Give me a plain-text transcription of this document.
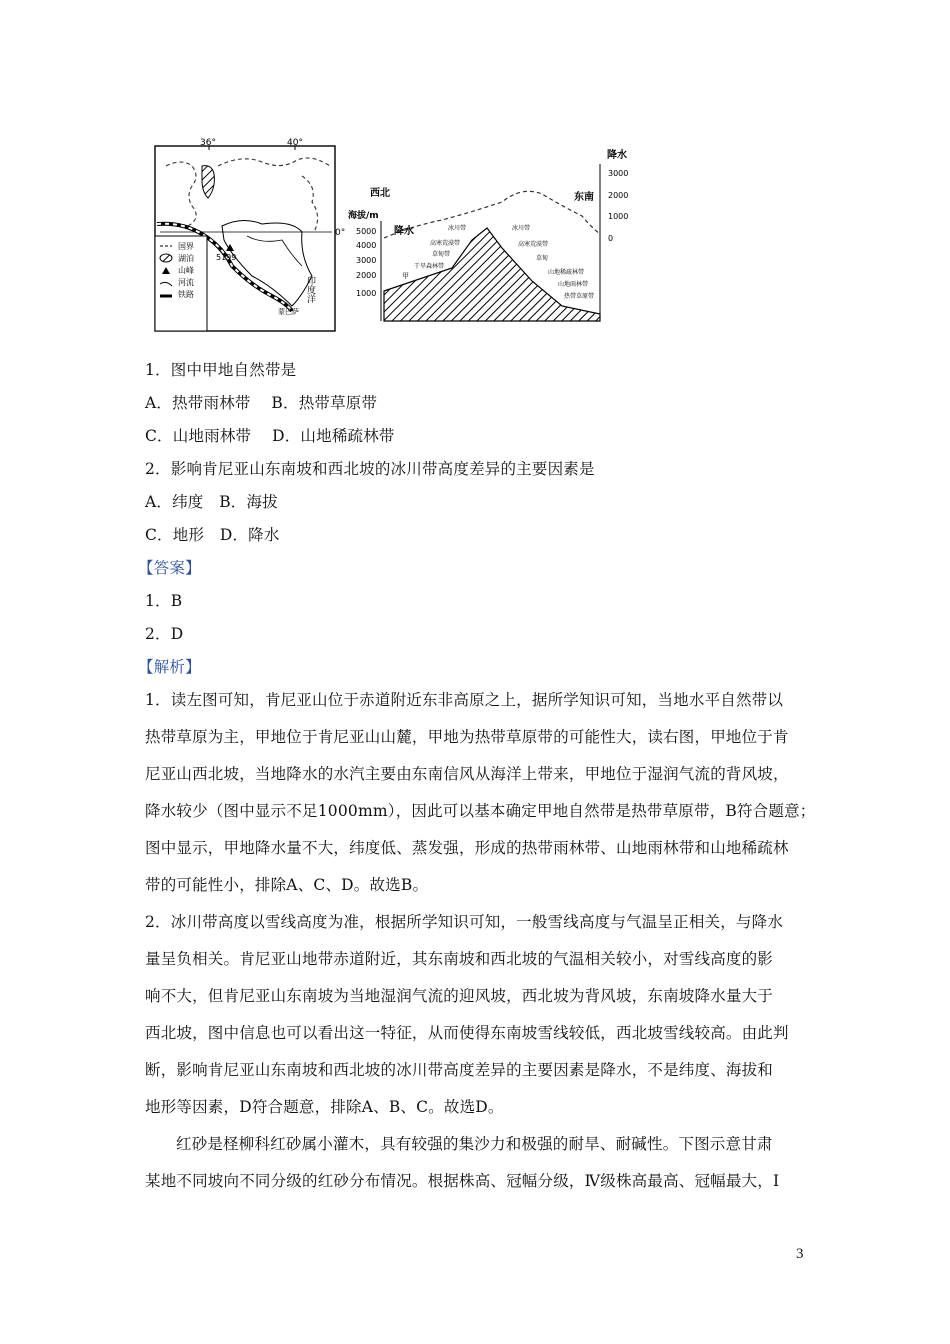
36°	40°
0°
5199
印度洋
蒙巴萨
国界
湖泊
山峰
河流
铁路
西北	东南
海拔/m
5000
4000
3000
2000
1000
降水
3000
2000
1000
0
降水	冰川带
高寒荒漠带
草甸带
干旱森林带
甲
冰川带
高寒荒漠带
草甸
山地稀疏林带
山地雨林带
热带草原带
1．图中甲地自然带是
A．热带雨林带　 B．热带草原带
C．山地雨林带　 D．山地稀疏林带
2．影响肯尼亚山东南坡和西北坡的冰川带高度差异的主要因素是
A．纬度　B．海拔
C．地形　D．降水
【答案】
1．B
2．D
【解析】
1．读左图可知，肯尼亚山位于赤道附近东非高原之上，据所学知识可知，当地水平自然带以
热带草原为主，甲地位于肯尼亚山山麓，甲地为热带草原带的可能性大，读右图，甲地位于肯
尼亚山西北坡，当地降水的水汽主要由东南信风从海洋上带来，甲地位于湿润气流的背风坡，
降水较少（图中显示不足1000mm），因此可以基本确定甲地自然带是热带草原带，B符合题意；
图中显示，甲地降水量不大，纬度低、蒸发强，形成的热带雨林带、山地雨林带和山地稀疏林
带的可能性小，排除A、C、D。故选B。
2．冰川带高度以雪线高度为准，根据所学知识可知，一般雪线高度与气温呈正相关，与降水
量呈负相关。肯尼亚山地带赤道附近，其东南坡和西北坡的气温相关较小，对雪线高度的影
响不大，但肯尼亚山东南坡为当地湿润气流的迎风坡，西北坡为背风坡，东南坡降水量大于
西北坡，图中信息也可以看出这一特征，从而使得东南坡雪线较低，西北坡雪线较高。由此判
断，影响肯尼亚山东南坡和西北坡的冰川带高度差异的主要因素是降水，不是纬度、海拔和
地形等因素，D符合题意，排除A、B、C。故选D。
红砂是柽柳科红砂属小灌木，具有较强的集沙力和极强的耐旱、耐碱性。下图示意甘肃
某地不同坡向不同分级的红砂分布情况。根据株高、冠幅分级，Ⅳ级株高最高、冠幅最大，Ⅰ
3
